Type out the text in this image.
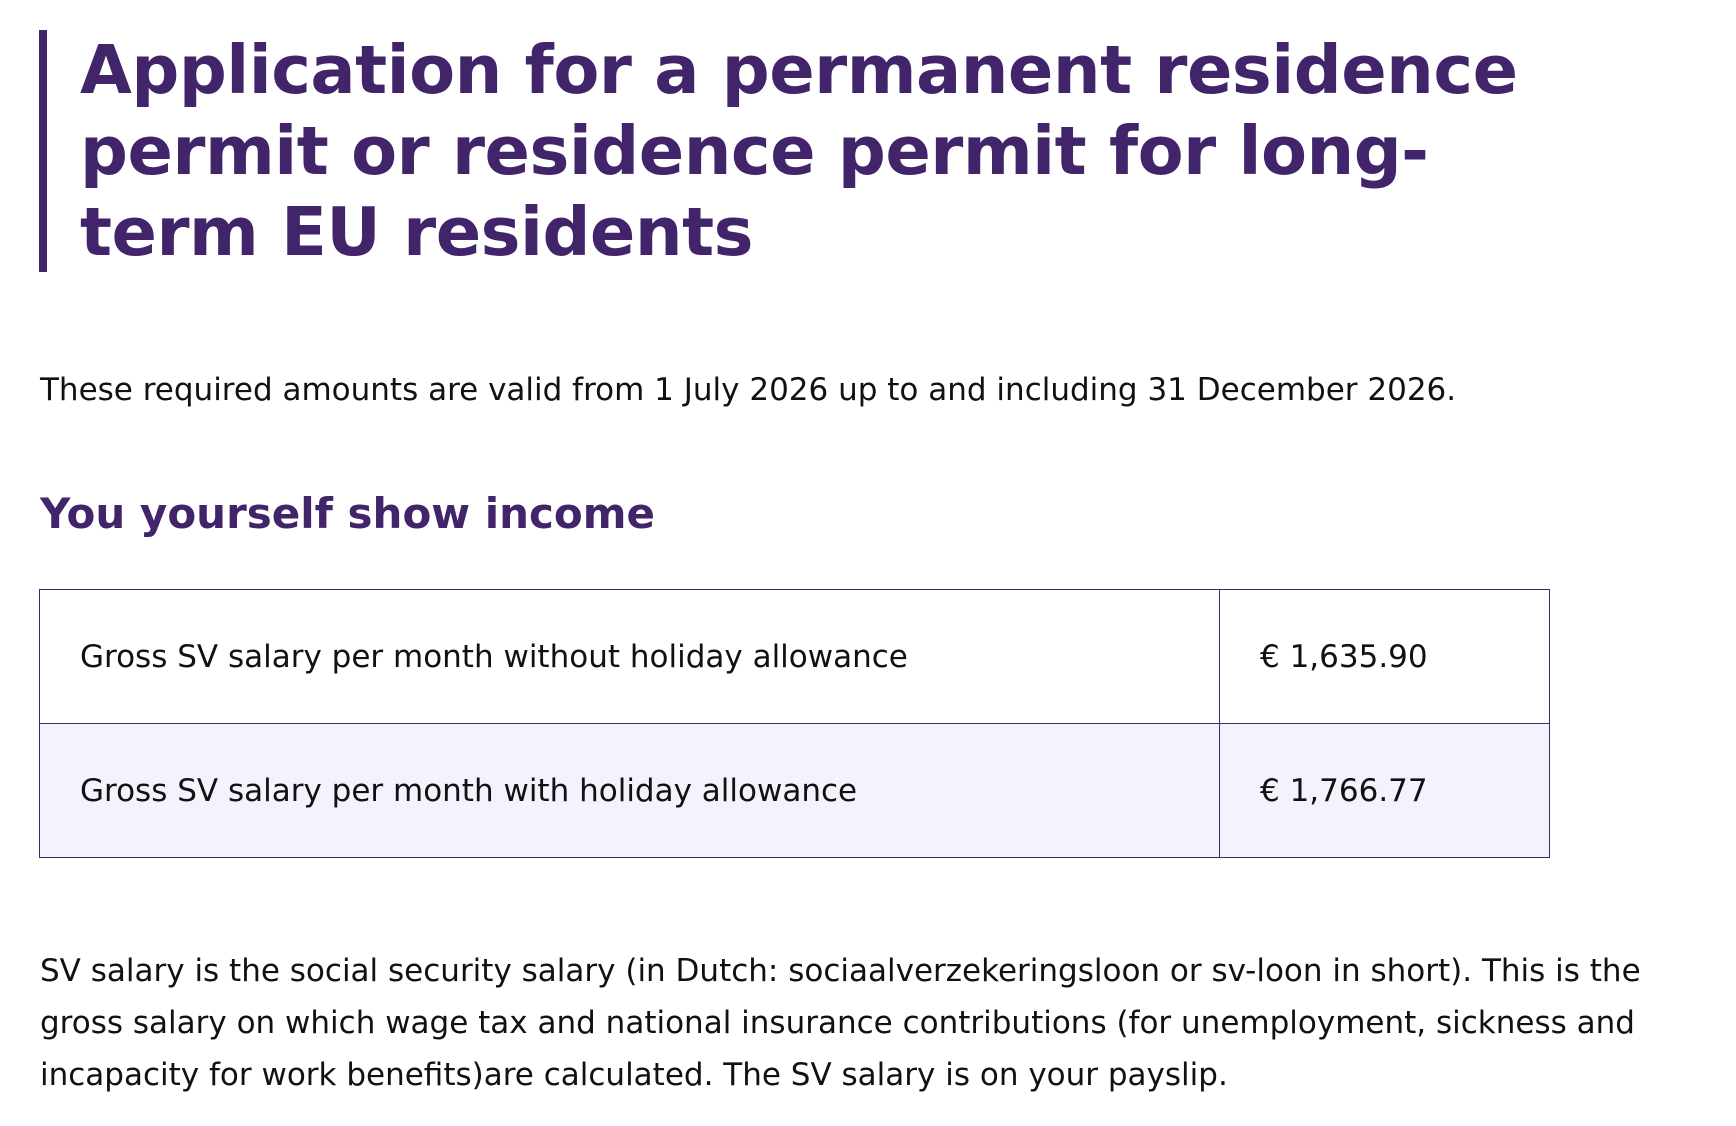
Application for a permanent residence permit or residence permit for long-term EU residents

These required amounts are valid from 1 July 2026 up to and including 31 December 2026.

You yourself show income
Gross SV salary per month without holiday allowance	€ 1,635.90
Gross SV salary per month with holiday allowance	€ 1,766.77

SV salary is the social security salary (in Dutch: sociaalverzekeringsloon or sv-loon in short). This is the gross salary on which wage tax and national insurance contributions (for unemployment, sickness and incapacity for work benefits)are calculated. The SV salary is on your payslip.
